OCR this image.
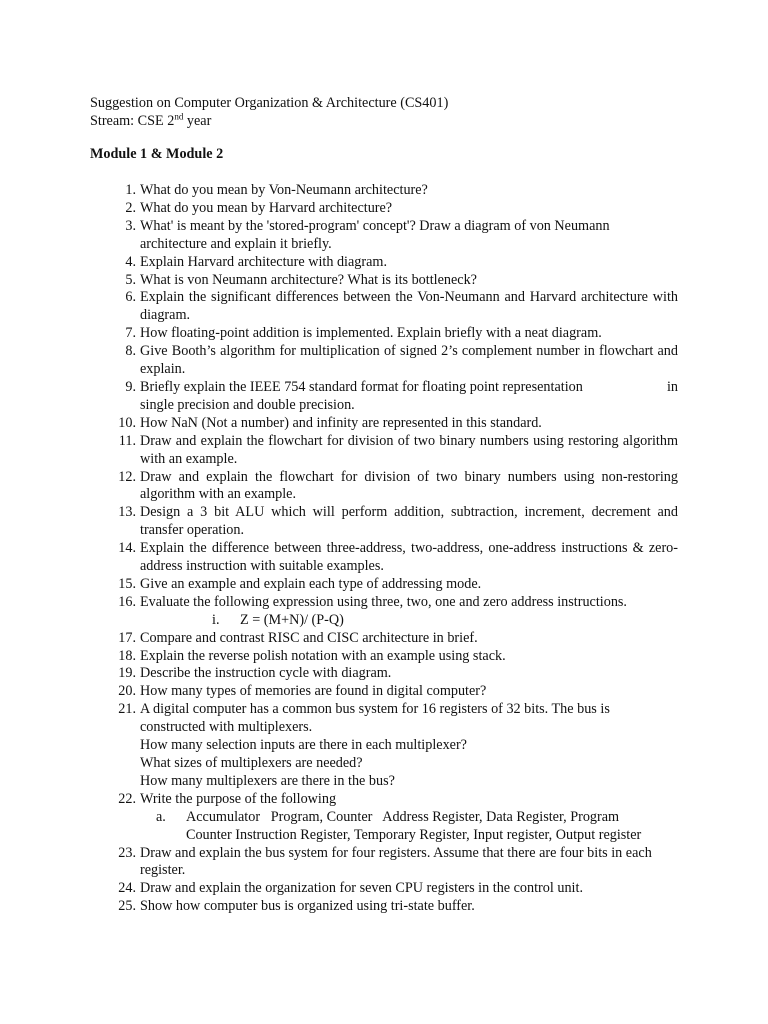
Suggestion on Computer Organization & Architecture (CS401)
Stream: CSE 2nd year
Module 1 & Module 2
1. What do you mean by Von-Neumann architecture?
2. What do you mean by Harvard architecture?
3. What' is meant by the 'stored-program' concept'? Draw a diagram of von Neumann architecture and explain it briefly.
4. Explain Harvard architecture with diagram.
5. What is von Neumann architecture? What is its bottleneck?
6. Explain the significant differences between the Von-Neumann and Harvard architecture with diagram.
7. How floating-point addition is implemented. Explain briefly with a neat diagram.
8. Give Booth’s algorithm for multiplication of signed 2’s complement number in flowchart and explain.
9. Briefly explain the IEEE 754 standard format for floating point representation	in
single precision and double precision.
10. How NaN (Not a number) and infinity are represented in this standard.
11. Draw and explain the flowchart for division of two binary numbers using restoring algorithm with an example.
12. Draw and explain the flowchart for division of two binary numbers using non-restoring algorithm with an example.
13. Design a 3 bit ALU which will perform addition, subtraction, increment, decrement and transfer operation.
14. Explain the difference between three-address, two-address, one-address instructions & zero-address instruction with suitable examples.
15. Give an example and explain each type of addressing mode.
16. Evaluate the following expression using three, two, one and zero address instructions.
i.	Z = (M+N)/ (P-Q)
17. Compare and contrast RISC and CISC architecture in brief.
18. Explain the reverse polish notation with an example using stack.
19. Describe the instruction cycle with diagram.
20. How many types of memories are found in digital computer?
21. A digital computer has a common bus system for 16 registers of 32 bits. The bus is constructed with multiplexers.
How many selection inputs are there in each multiplexer?
What sizes of multiplexers are needed?
How many multiplexers are there in the bus?
22. Write the purpose of the following
a.	Accumulator   Program, Counter   Address Register, Data Register, Program
Counter Instruction Register, Temporary Register, Input register, Output register
23. Draw and explain the bus system for four registers. Assume that there are four bits in each register.
24. Draw and explain the organization for seven CPU registers in the control unit.
25. Show how computer bus is organized using tri-state buffer.
